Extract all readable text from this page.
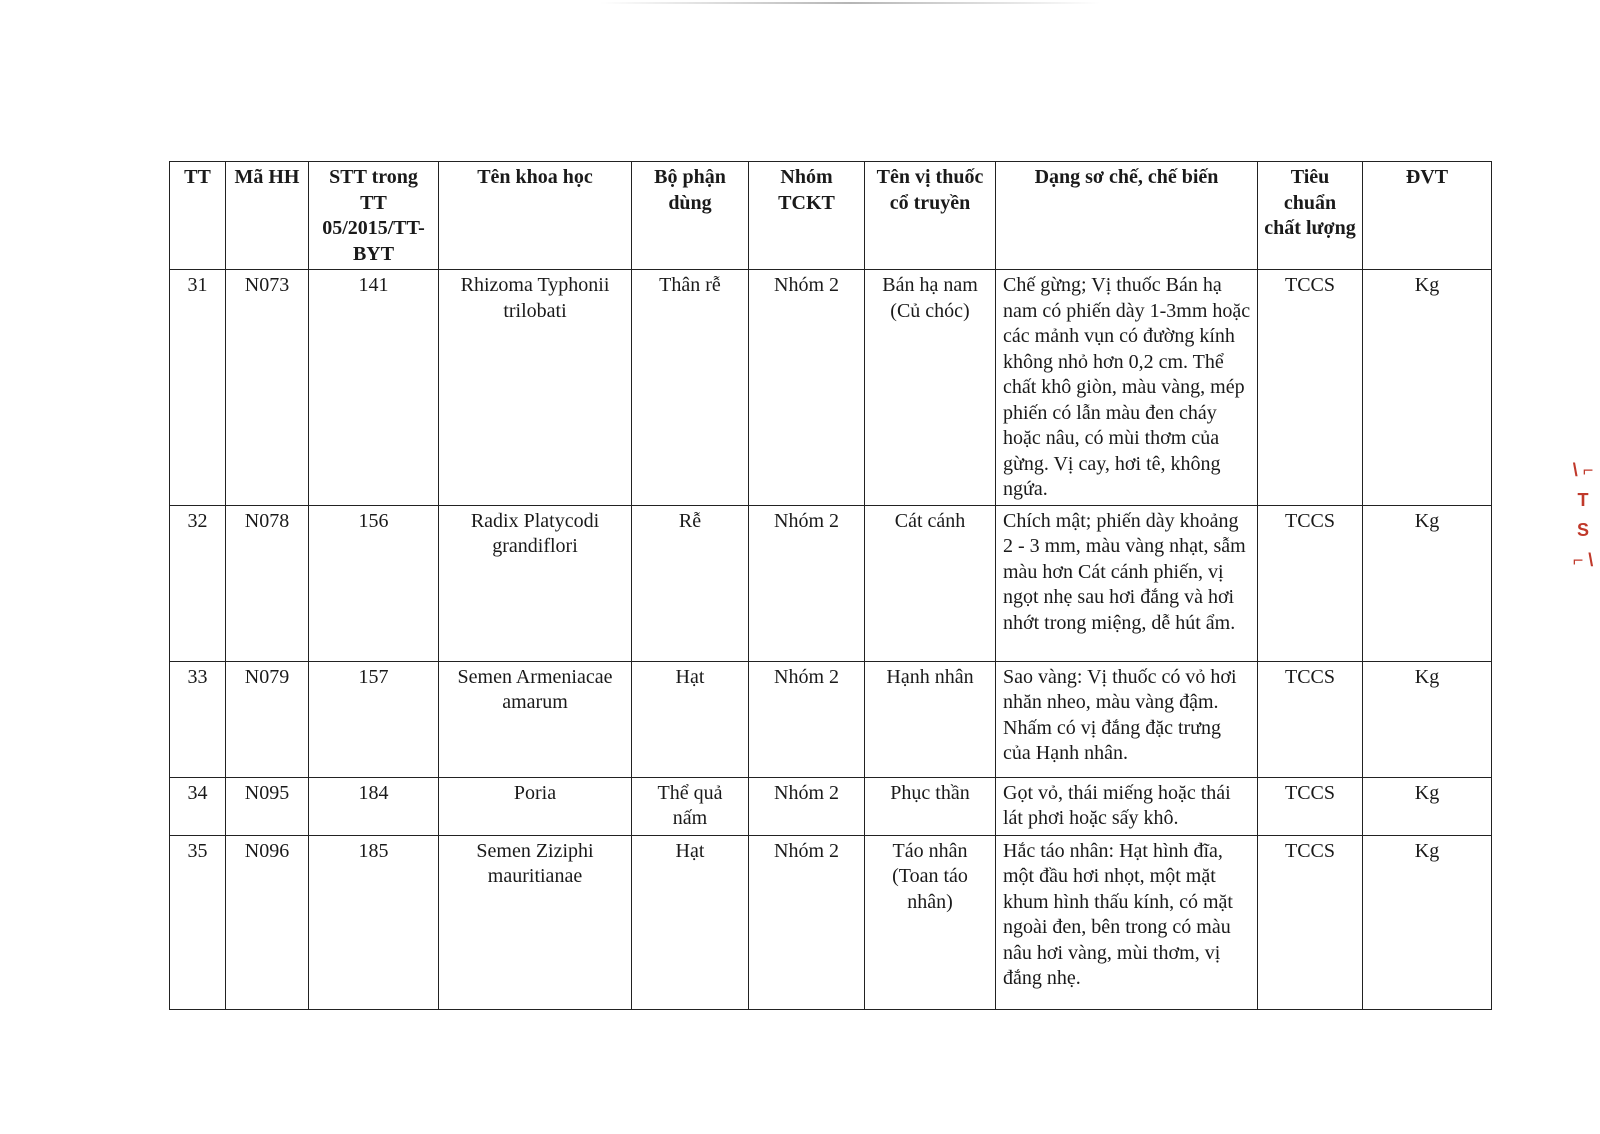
TT	Mã HH	STT trong TT 05/2015/TT-BYT	Tên khoa học	Bộ phận dùng	Nhóm TCKT	Tên vị thuốc cổ truyền	Dạng sơ chế, chế biến	Tiêu chuẩn chất lượng	ĐVT
31	N073	141	Rhizoma Typhonii trilobati	Thân rễ	Nhóm 2	Bán hạ nam (Củ chóc)	Chế gừng; Vị thuốc Bán hạ nam có phiến dày 1-3mm hoặc các mảnh vụn có đường kính không nhỏ hơn 0,2 cm. Thể chất khô giòn, màu vàng, mép phiến có lẫn màu đen cháy hoặc nâu, có mùi thơm của gừng. Vị cay, hơi tê, không ngứa.	TCCS	Kg
32	N078	156	Radix Platycodi grandiflori	Rễ	Nhóm 2	Cát cánh	Chích mật; phiến dày khoảng 2 - 3 mm, màu vàng nhạt, sẫm màu hơn Cát cánh phiến, vị ngọt nhẹ sau hơi đắng và hơi nhớt trong miệng, dễ hút ẩm.	TCCS	Kg
33	N079	157	Semen Armeniacae amarum	Hạt	Nhóm 2	Hạnh nhân	Sao vàng: Vị thuốc có vỏ hơi nhăn nheo, màu vàng đậm. Nhấm có vị đắng đặc trưng của Hạnh nhân.	TCCS	Kg
34	N095	184	Poria	Thể quả nấm	Nhóm 2	Phục thần	Gọt vỏ, thái miếng hoặc thái lát phơi hoặc sấy khô.	TCCS	Kg
35	N096	185	Semen Ziziphi mauritianae	Hạt	Nhóm 2	Táo nhân (Toan táo nhân)	Hắc táo nhân: Hạt hình đĩa, một đầu hơi nhọt, một mặt khum hình thấu kính, có mặt ngoài đen, bên trong có màu nâu hơi vàng, mùi thơm, vị đắng nhẹ.	TCCS	Kg
\ ⌐ T S ⌐ \
